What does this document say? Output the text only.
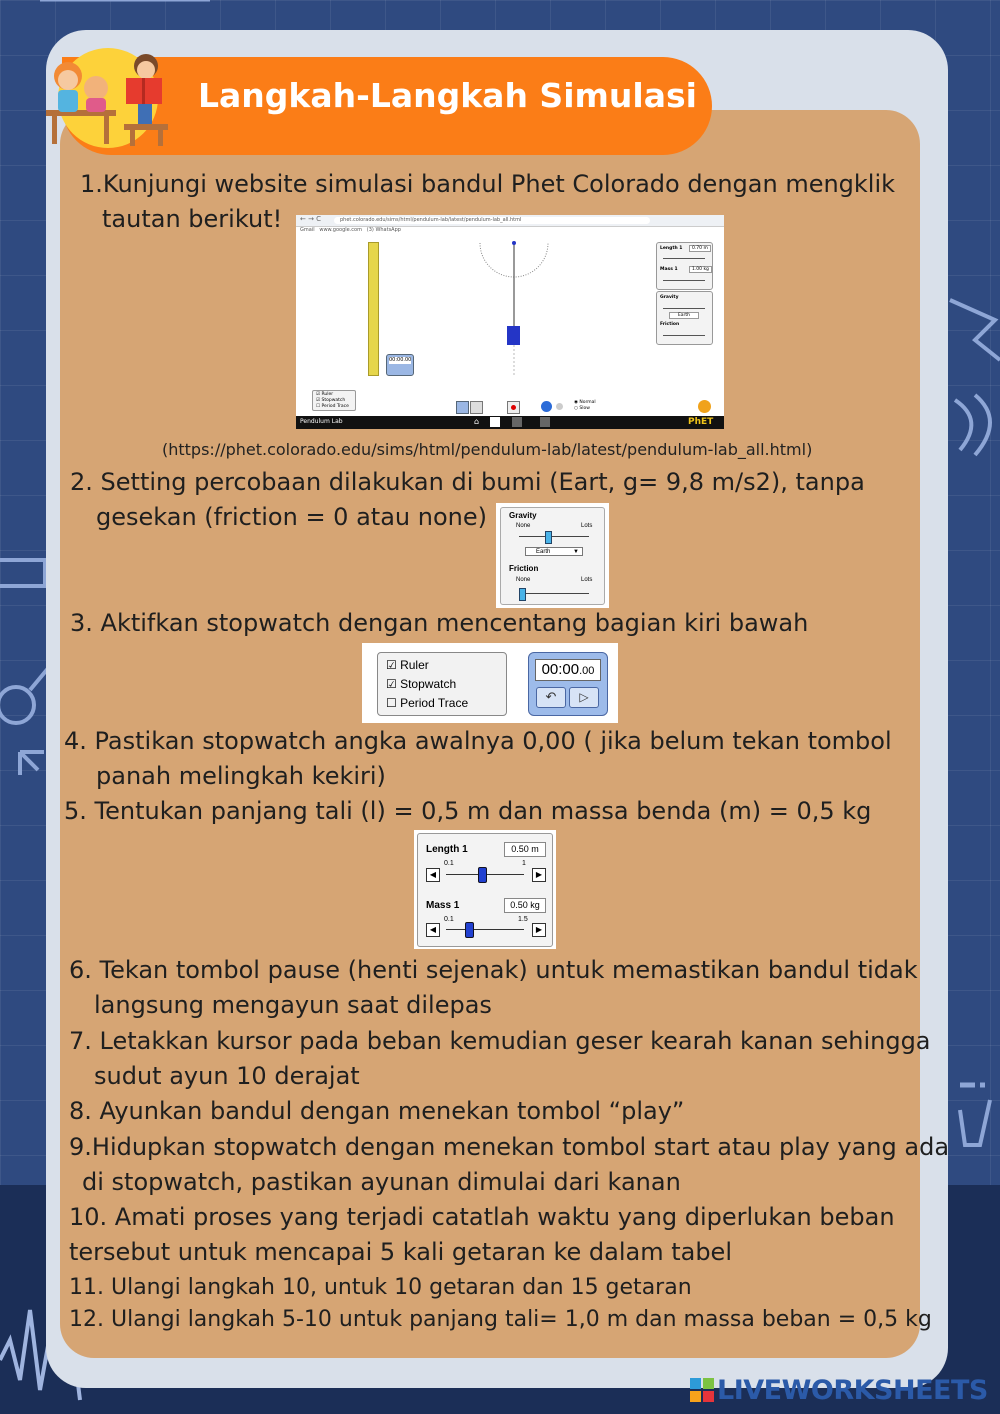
Langkah-Langkah Simulasi
1.Kunjungi website simulasi bandul Phet Colorado dengan mengklik
tautan berikut!	← → C	phet.colorado.edu/sims/html/pendulum-lab/latest/pendulum-lab_all.html
Gmail www.google.com (3) WhatsApp
00:00.00
Length 1	0.70 m
Mass 1	1.00 kg
Gravity
Earth
Friction
☑ Ruler
☑ Stopwatch
☐ Period Trace
◉ Normal
○ Slow
Pendulum Lab	⌂	PhET
(https://phet.colorado.edu/sims/html/pendulum-lab/latest/pendulum-lab_all.html)
2. Setting percobaan dilakukan di bumi (Eart, g= 9,8 m/s2), tanpa
gesekan (friction = 0 atau none)	Gravity
None	Lots
Earth	▼
Friction
None	Lots
3. Aktifkan stopwatch dengan mencentang bagian kiri bawah
☑ Ruler
☑ Stopwatch
☐ Period Trace
00:00.00
↶	▷
4. Pastikan stopwatch angka awalnya 0,00 ( jika belum tekan tombol
panah melingkah kekiri)
5. Tentukan panjang tali (l) = 0,5 m dan massa benda (m) = 0,5 kg
Length 1	0.50 m
0.1	1
◀	▶
Mass 1	0.50 kg
0.1	1.5
◀	▶
6. Tekan tombol pause (henti sejenak) untuk memastikan bandul tidak
langsung mengayun saat dilepas
7. Letakkan kursor pada beban kemudian geser kearah kanan sehingga
sudut ayun 10 derajat
8. Ayunkan bandul dengan menekan tombol “play”
9.Hidupkan stopwatch dengan menekan tombol start atau play yang ada
di stopwatch, pastikan ayunan dimulai dari kanan
10. Amati proses yang terjadi catatlah waktu yang diperlukan beban
tersebut untuk mencapai 5 kali getaran ke dalam tabel
11. Ulangi langkah 10, untuk 10 getaran dan 15 getaran
12. Ulangi langkah 5-10 untuk panjang tali= 1,0 m dan massa beban = 0,5 kg
LIVEWORKSHEETS
